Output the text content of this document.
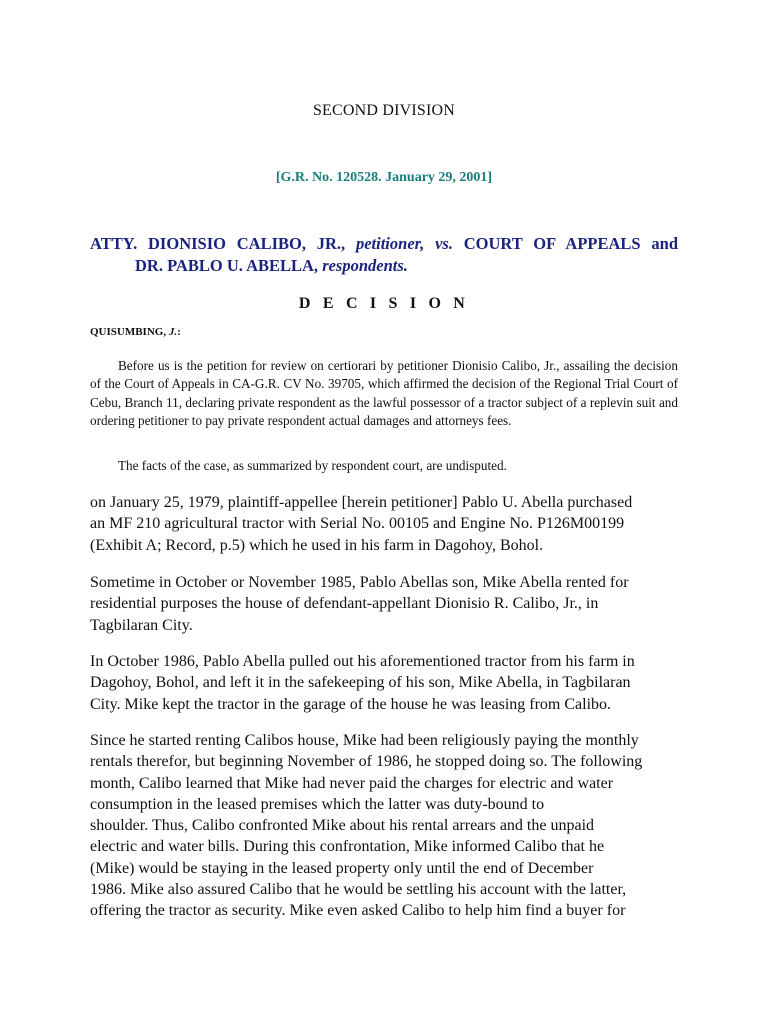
SECOND DIVISION
[G.R. No. 120528. January 29, 2001]
ATTY. DIONISIO CALIBO, JR., petitioner, vs. COURT OF APPEALS and
DR. PABLO U. ABELLA, respondents.
D E C I S I O N
QUISUMBING, J.:

Before us is the petition for review on certiorari by petitioner Dionisio Calibo, Jr., assailing the decision of the Court of Appeals in CA-G.R. CV No. 39705, which affirmed the decision of the Regional Trial Court of Cebu, Branch 11, declaring private respondent as the lawful possessor of a tractor subject of a replevin suit and ordering petitioner to pay private respondent actual damages and attorneys fees.

The facts of the case, as summarized by respondent court, are undisputed.

on January 25, 1979, plaintiff-appellee [herein petitioner] Pablo U. Abella purchased
an MF 210 agricultural tractor with Serial No. 00105 and Engine No. P126M00199
(Exhibit A; Record, p.5) which he used in his farm in Dagohoy, Bohol.

Sometime in October or November 1985, Pablo Abellas son, Mike Abella rented for
residential purposes the house of defendant-appellant Dionisio R. Calibo, Jr., in
Tagbilaran City.

In October 1986, Pablo Abella pulled out his aforementioned tractor from his farm in
Dagohoy, Bohol, and left it in the safekeeping of his son, Mike Abella, in Tagbilaran
City. Mike kept the tractor in the garage of the house he was leasing from Calibo.

Since he started renting Calibos house, Mike had been religiously paying the monthly
rentals therefor, but beginning November of 1986, he stopped doing so. The following
month, Calibo learned that Mike had never paid the charges for electric and water
consumption in the leased premises which the latter was duty-bound to
shoulder. Thus, Calibo confronted Mike about his rental arrears and the unpaid
electric and water bills. During this confrontation, Mike informed Calibo that he
(Mike) would be staying in the leased property only until the end of December
1986. Mike also assured Calibo that he would be settling his account with the latter,
offering the tractor as security. Mike even asked Calibo to help him find a buyer for
